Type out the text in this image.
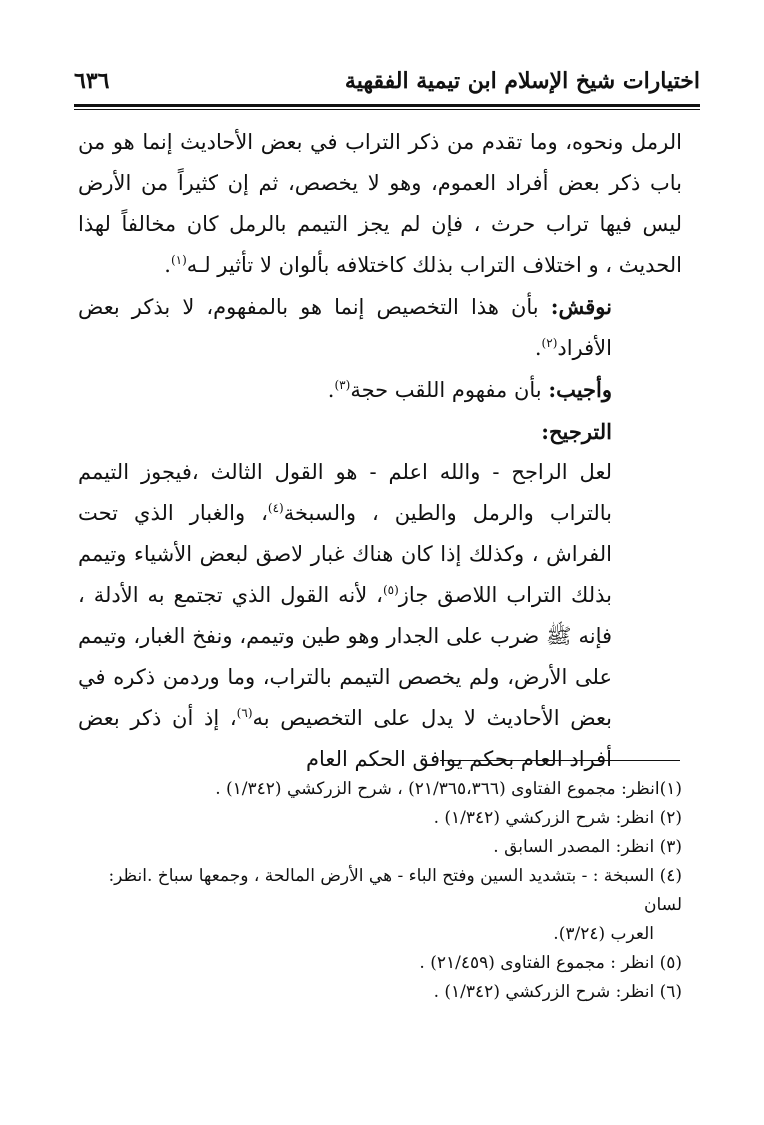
اختيارات شيخ الإسلام ابن تيمية الفقهية
٦٣٦

الرمل ونحوه، وما تقدم من ذكر التراب في بعض الأحاديث إنما هو من باب ذكر بعض أفراد العموم، وهو لا يخصص، ثم إن كثيراً من الأرض ليس فيها تراب حرث ، فإن لم يجز التيمم بالرمل كان مخالفاً لهذا الحديث ، و اختلاف التراب بذلك كاختلافه بألوان لا تأثير لـه$^{(١)}$.

نوقش: بأن هذا التخصيص إنما هو بالمفهوم، لا بذكر بعض الأفراد$^{(٢)}$.

وأجيب: بأن مفهوم اللقب حجة$^{(٣)}$.

الترجيح:

لعل الراجح - والله اعلم - هو القول الثالث ،فيجوز التيمم بالتراب والرمل والطين ، والسبخة$^{(٤)}$، والغبار الذي تحت الفراش ، وكذلك إذا كان هناك غبار لاصق لبعض الأشياء وتيمم بذلك التراب اللاصق جاز$^{(٥)}$، لأنه القول الذي تجتمع به الأدلة ، فإنه ﷺ ضرب على الجدار وهو طين وتيمم، ونفخ الغبار، وتيمم على الأرض، ولم يخصص التيمم بالتراب، وما وردمن ذكره في بعض الأحاديث لا يدل على التخصيص به$^{(٦)}$، إذ أن ذكر بعض أفراد العام بحكم يوافق الحكم العام

(١)انظر: مجموع الفتاوى (٢١/٣٦٥،٣٦٦) ، شرح الزركشي (١/٣٤٢) .
(٢) انظر: شرح الزركشي (١/٣٤٢) .
(٣) انظر: المصدر السابق .
(٤) السبخة : - بتشديد السين وفتح الباء - هي الأرض المالحة ، وجمعها سباخ .انظر: لسان
العرب (٣/٢٤).
(٥) انظر : مجموع الفتاوى (٢١/٤٥٩) .
(٦) انظر: شرح الزركشي (١/٣٤٢) .
